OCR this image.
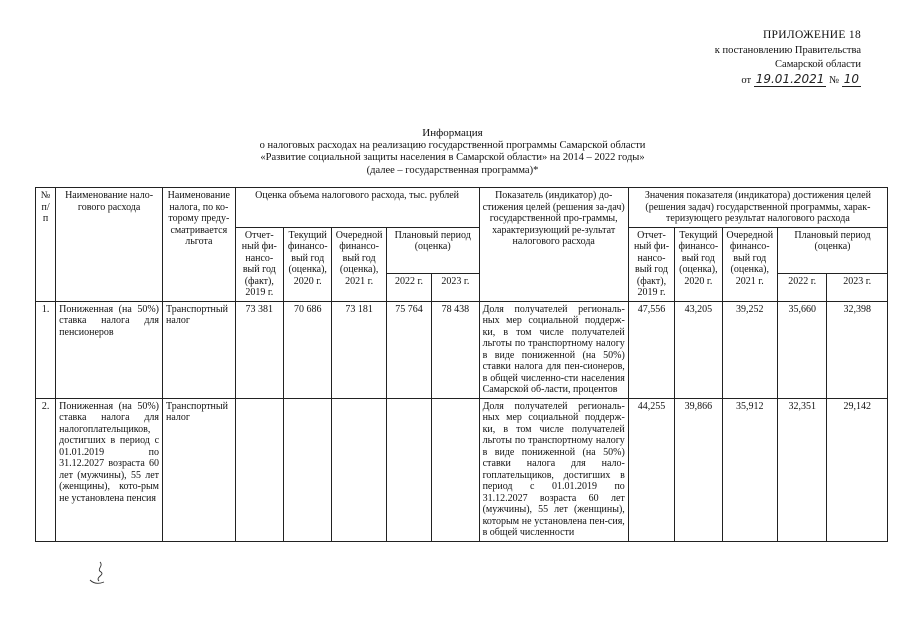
ПРИЛОЖЕНИЕ 18
к постановлению Правительства
Самарской области
от 19.01.2021 № 10
Информация
о налоговых расходах на реализацию государственной программы Самарской области
«Развитие социальной защиты населения в Самарской области» на 2014 – 2022 годы»
(далее – государственная программа)*
№ п/п	Наименование нало-гового расхода	Наименование налога, по ко-торому преду-сматривается льгота	Оценка объема налогового расхода, тыс. рублей					Показатель (индикатор) до-стижения целей (решения за-дач) государственной про-граммы, характеризующий ре-зультат налогового расхода	Значения показателя (индикатора) достижения целей (решения задач) государственной программы, харак-теризующего результат налогового расхода				
			Отчет-ный фи-нансо-вый год (факт), 2019 г.	Текущий финансо-вый год (оценка), 2020 г.	Очередной финансо-вый год (оценка), 2021 г.	Плановый период (оценка)			Отчет-ный фи-нансо-вый год (факт), 2019 г.	Текущий финансо-вый год (оценка), 2020 г.	Очередной финансо-вый год (оценка), 2021 г.	Плановый период (оценка)	
						2022 г.	2023 г.					2022 г.	2023 г.
1.	Пониженная (на 50%) ставка налога для пенсионеров	Транспортный налог	73 381	70 686	73 181	75 764	78 438	Доля получателей региональ-ных мер социальной поддерж-ки, в том числе получателей льготы по транспортному налогу в виде пониженной (на 50%) ставки налога для пен-сионеров, в общей численно-сти населения Самарской об-ласти, процентов	47,556	43,205	39,252	35,660	32,398
2.	Пониженная (на 50%) ставка налога для налогоплательщиков, достигших в период с 01.01.2019 по 31.12.2027 возраста 60 лет (мужчины), 55 лет (женщины), кото-рым не установлена пенсия	Транспортный налог						Доля получателей региональ-ных мер социальной поддерж-ки, в том числе получателей льготы по транспортному налогу в виде пониженной (на 50%) ставки налога для нало-гоплательщиков, достигших в период с 01.01.2019 по 31.12.2027 возраста 60 лет (мужчины), 55 лет (женщины), которым не установлена пен-сия, в общей численности	44,255	39,866	35,912	32,351	29,142
